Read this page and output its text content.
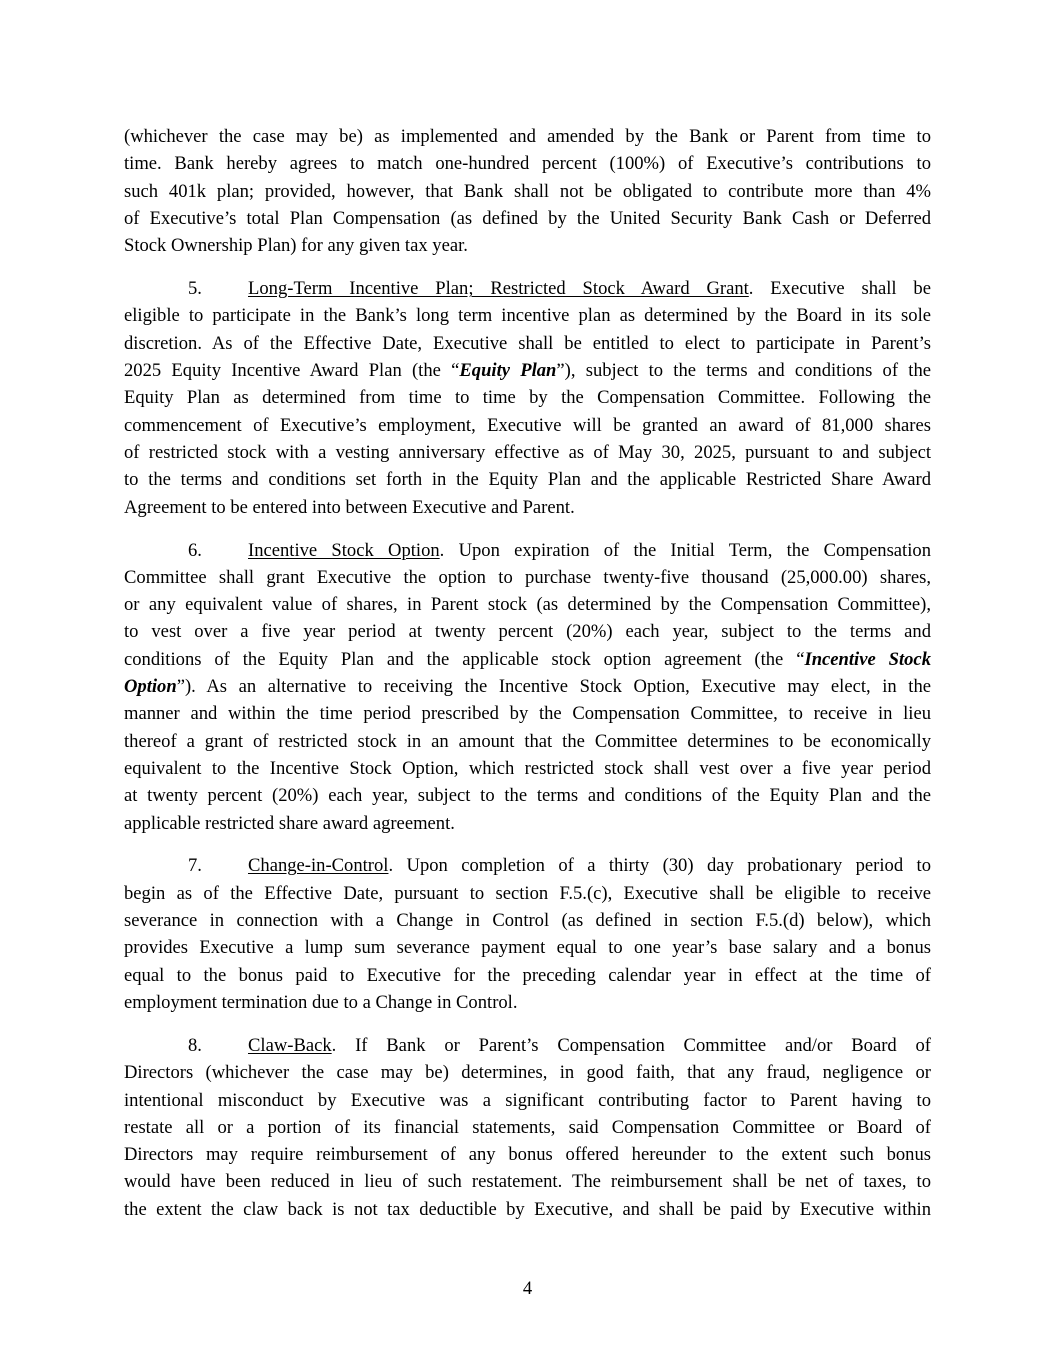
(whichever the case may be) as implemented and amended by the Bank or Parent from time to
time. Bank hereby agrees to match one-hundred percent (100%) of Executive’s contributions to
such 401k plan; provided, however, that Bank shall not be obligated to contribute more than 4%
of Executive’s total Plan Compensation (as defined by the United Security Bank Cash or Deferred
Stock Ownership Plan) for any given tax year.
5. Long-Term Incentive Plan; Restricted Stock Award Grant. Executive shall be
eligible to participate in the Bank’s long term incentive plan as determined by the Board in its sole
discretion. As of the Effective Date, Executive shall be entitled to elect to participate in Parent’s
2025 Equity Incentive Award Plan (the “Equity Plan”), subject to the terms and conditions of the
Equity Plan as determined from time to time by the Compensation Committee. Following the
commencement of Executive’s employment, Executive will be granted an award of 81,000 shares
of restricted stock with a vesting anniversary effective as of May 30, 2025, pursuant to and subject
to the terms and conditions set forth in the Equity Plan and the applicable Restricted Share Award
Agreement to be entered into between Executive and Parent.
6. Incentive Stock Option. Upon expiration of the Initial Term, the Compensation
Committee shall grant Executive the option to purchase twenty-five thousand (25,000.00) shares,
or any equivalent value of shares, in Parent stock (as determined by the Compensation Committee),
to vest over a five year period at twenty percent (20%) each year, subject to the terms and
conditions of the Equity Plan and the applicable stock option agreement (the “Incentive Stock
Option”). As an alternative to receiving the Incentive Stock Option, Executive may elect, in the
manner and within the time period prescribed by the Compensation Committee, to receive in lieu
thereof a grant of restricted stock in an amount that the Committee determines to be economically
equivalent to the Incentive Stock Option, which restricted stock shall vest over a five year period
at twenty percent (20%) each year, subject to the terms and conditions of the Equity Plan and the
applicable restricted share award agreement.
7. Change-in-Control. Upon completion of a thirty (30) day probationary period to
begin as of the Effective Date, pursuant to section F.5.(c), Executive shall be eligible to receive
severance in connection with a Change in Control (as defined in section F.5.(d) below), which
provides Executive a lump sum severance payment equal to one year’s base salary and a bonus
equal to the bonus paid to Executive for the preceding calendar year in effect at the time of
employment termination due to a Change in Control.
8. Claw-Back. If Bank or Parent’s Compensation Committee and/or Board of
Directors (whichever the case may be) determines, in good faith, that any fraud, negligence or
intentional misconduct by Executive was a significant contributing factor to Parent having to
restate all or a portion of its financial statements, said Compensation Committee or Board of
Directors may require reimbursement of any bonus offered hereunder to the extent such bonus
would have been reduced in lieu of such restatement. The reimbursement shall be net of taxes, to
the extent the claw back is not tax deductible by Executive, and shall be paid by Executive within
4
